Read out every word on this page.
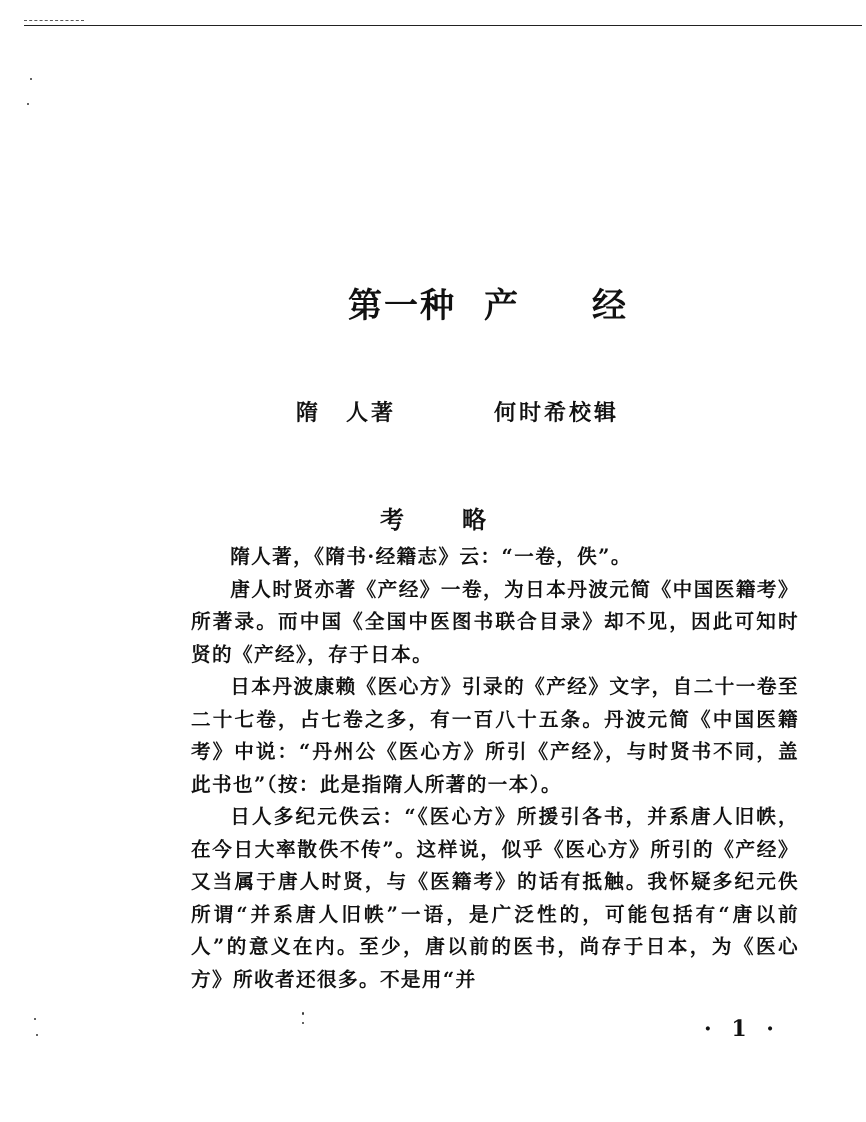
第一种 产 经
隋　人著	何时希校辑
考 略

隋人著，《隋书·经籍志》云：“一卷，佚”。

唐人时贤亦著《产经》一卷，为日本丹波元简《中国医籍考》所著录。而中国《全国中医图书联合目录》却不见，因此可知时贤的《产经》，存于日本。

日本丹波康赖《医心方》引录的《产经》文字，自二十一卷至二十七卷，占七卷之多，有一百八十五条。丹波元简《中国医籍考》中说：“丹州公《医心方》所引《产经》，与时贤书不同，盖此书也”（按：此是指隋人所著的一本）。

日人多纪元佚云：“《医心方》所援引各书，并系唐人旧帙，在今日大率散佚不传”。这样说，似乎《医心方》所引的《产经》又当属于唐人时贤，与《医籍考》的话有抵触。我怀疑多纪元佚所谓“并系唐人旧帙”一语，是广泛性的，可能包括有“唐以前人”的意义在内。至少，唐以前的医书，尚存于日本，为《医心方》所收者还很多。不是用“并

· 1 ·
